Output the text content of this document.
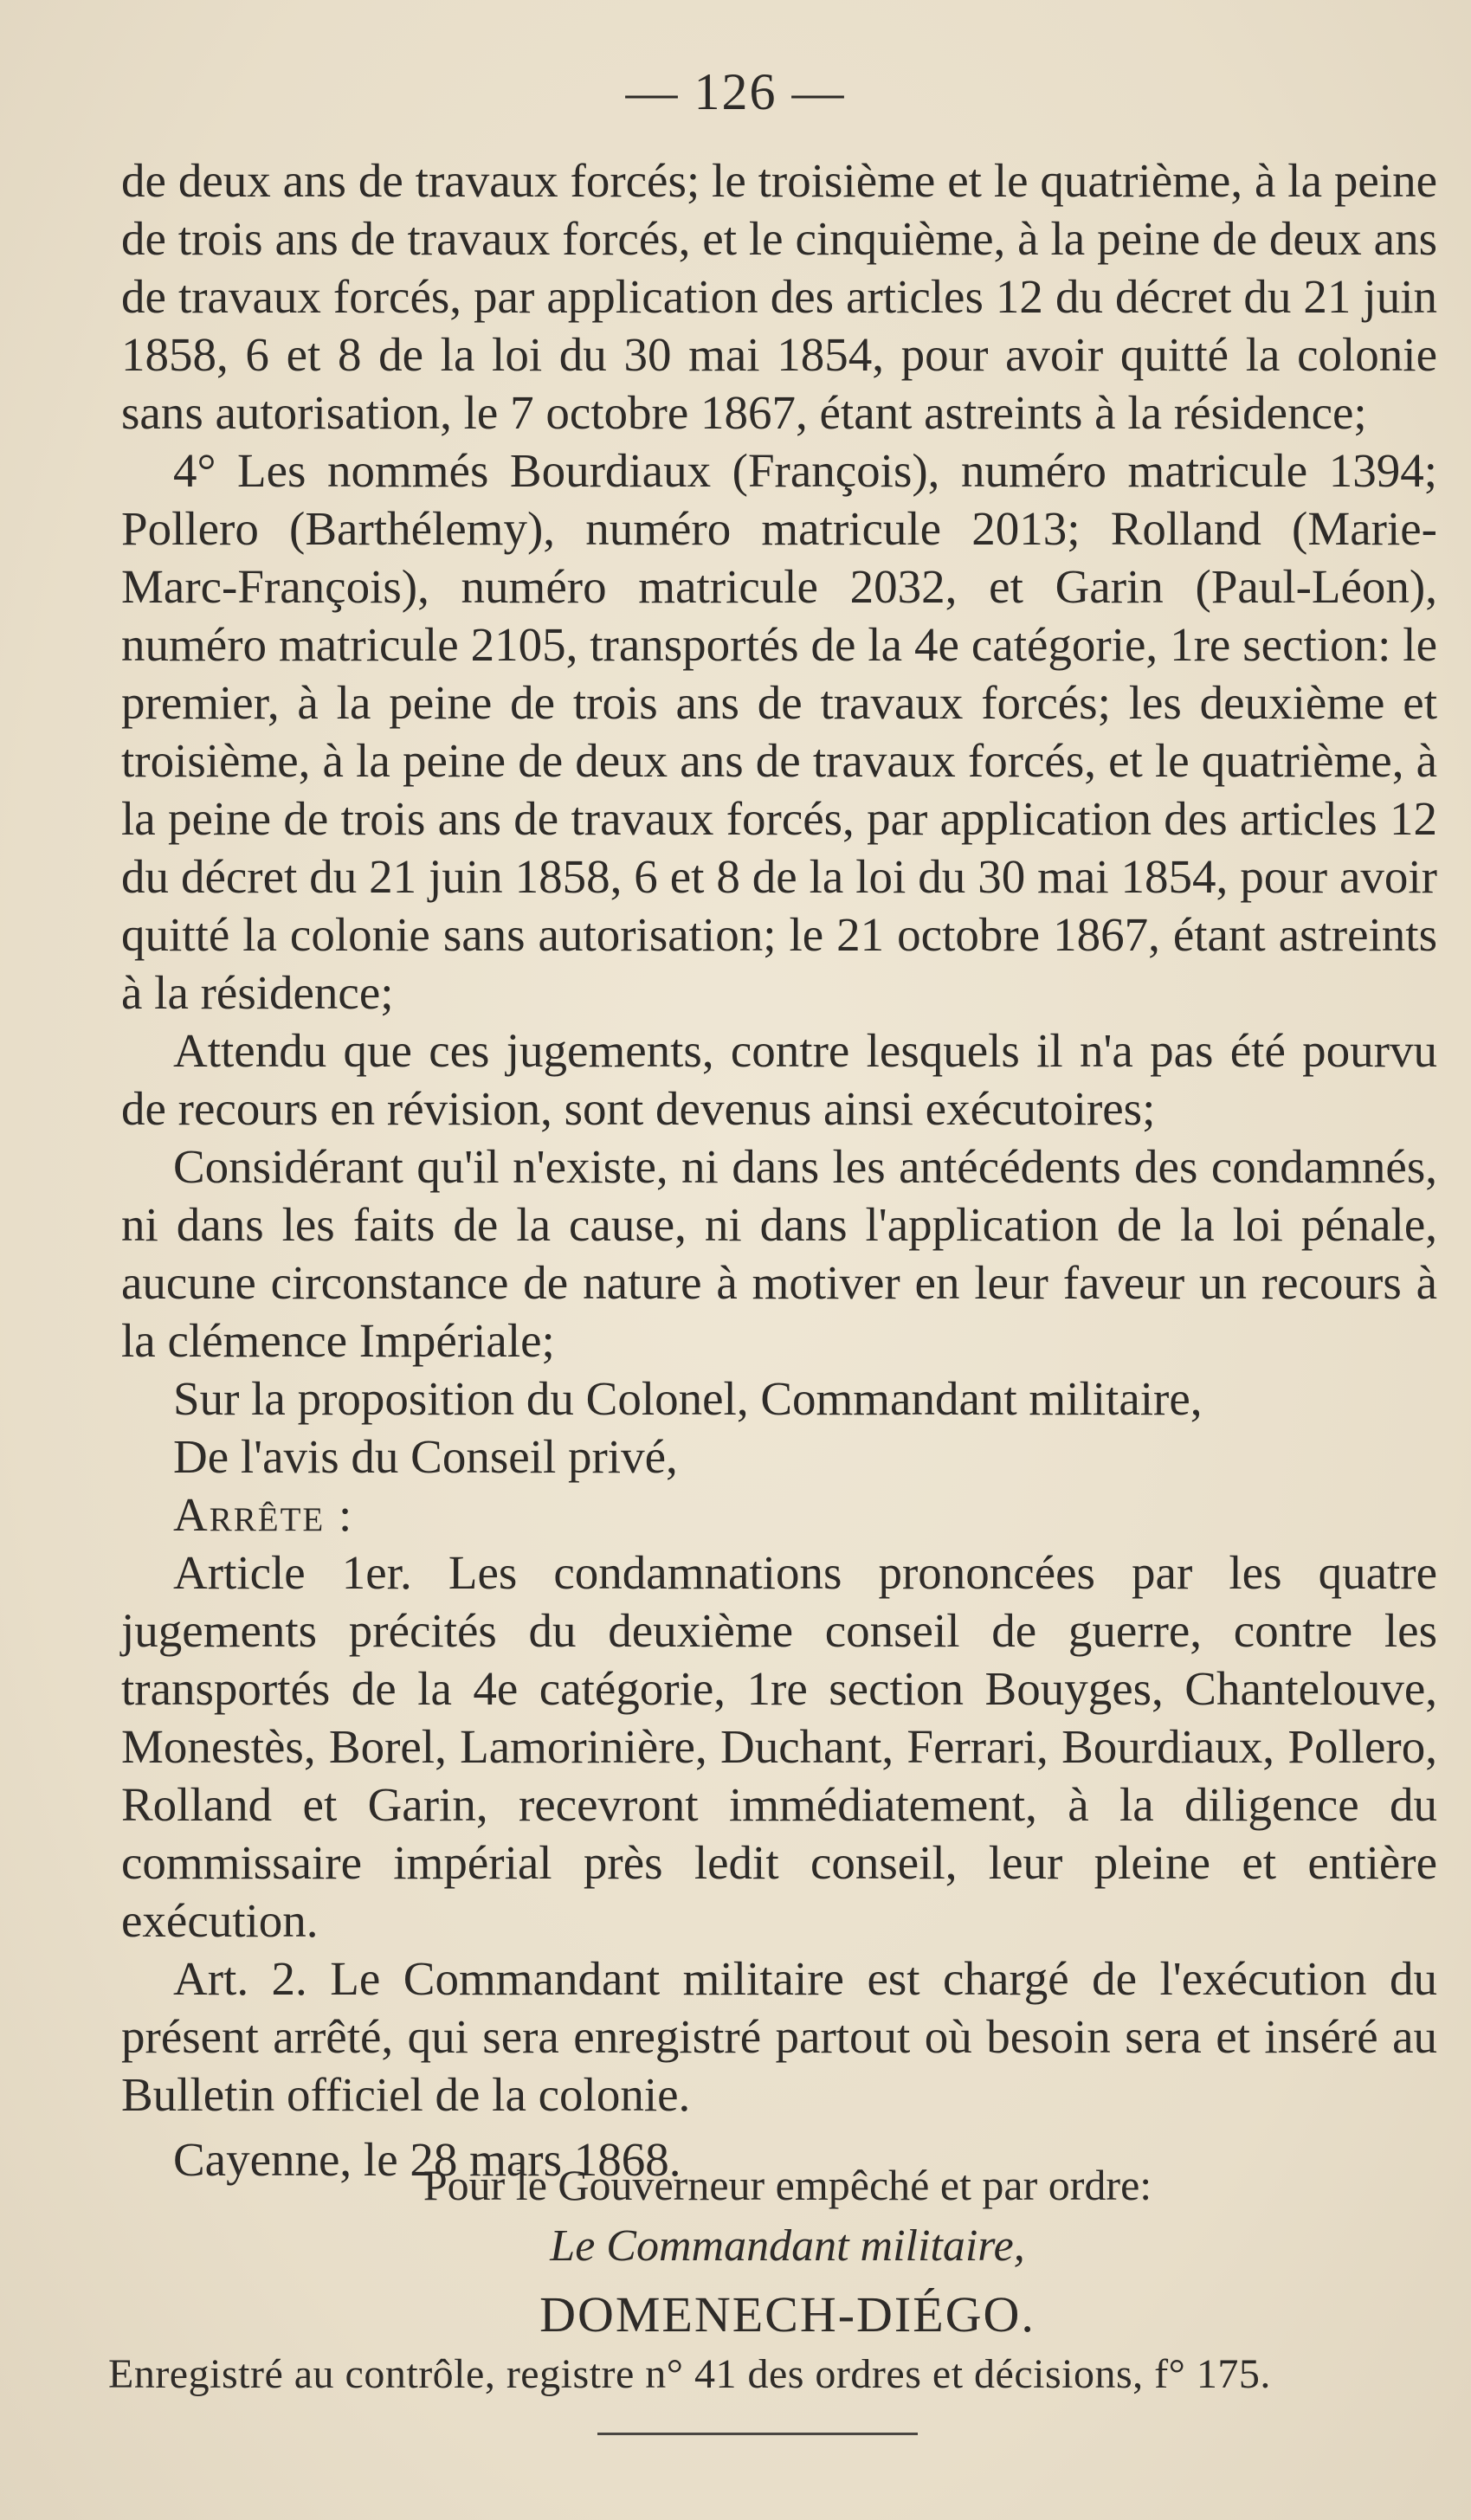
— 126 —

de deux ans de travaux forcés; le troisième et le quatrième, à la peine de trois ans de travaux forcés, et le cinquième, à la peine de deux ans de travaux forcés, par application des articles 12 du décret du 21 juin 1858, 6 et 8 de la loi du 30 mai 1854, pour avoir quitté la colonie sans autorisation, le 7 octobre 1867, étant astreints à la résidence;

4° Les nommés Bourdiaux (François), numéro matricule 1394; Pollero (Barthélemy), numéro matricule 2013; Rolland (Marie-Marc-François), numéro matricule 2032, et Garin (Paul-Léon), numéro matricule 2105, transportés de la 4e catégorie, 1re section: le premier, à la peine de trois ans de travaux forcés; les deuxième et troisième, à la peine de deux ans de travaux forcés, et le quatrième, à la peine de trois ans de travaux forcés, par application des articles 12 du décret du 21 juin 1858, 6 et 8 de la loi du 30 mai 1854, pour avoir quitté la colonie sans autorisation; le 21 octobre 1867, étant astreints à la résidence;

Attendu que ces jugements, contre lesquels il n'a pas été pourvu de recours en révision, sont devenus ainsi exécutoires;

Considérant qu'il n'existe, ni dans les antécédents des condamnés, ni dans les faits de la cause, ni dans l'application de la loi pénale, aucune circonstance de nature à motiver en leur faveur un recours à la clémence Impériale;

Sur la proposition du Colonel, Commandant militaire,

De l'avis du Conseil privé,

Arrête :

Article 1er. Les condamnations prononcées par les quatre jugements précités du deuxième conseil de guerre, contre les transportés de la 4e catégorie, 1re section Bouyges, Chantelouve, Monestès, Borel, Lamorinière, Duchant, Ferrari, Bourdiaux, Pollero, Rolland et Garin, recevront immédiatement, à la diligence du commissaire impérial près ledit conseil, leur pleine et entière exécution.

Art. 2. Le Commandant militaire est chargé de l'exécution du présent arrêté, qui sera enregistré partout où besoin sera et inséré au Bulletin officiel de la colonie.

Cayenne, le 28 mars 1868.

Pour le Gouverneur empêché et par ordre:
Le Commandant militaire,
DOMENECH-DIÉGO.
Enregistré au contrôle, registre n° 41 des ordres et décisions, f° 175.
